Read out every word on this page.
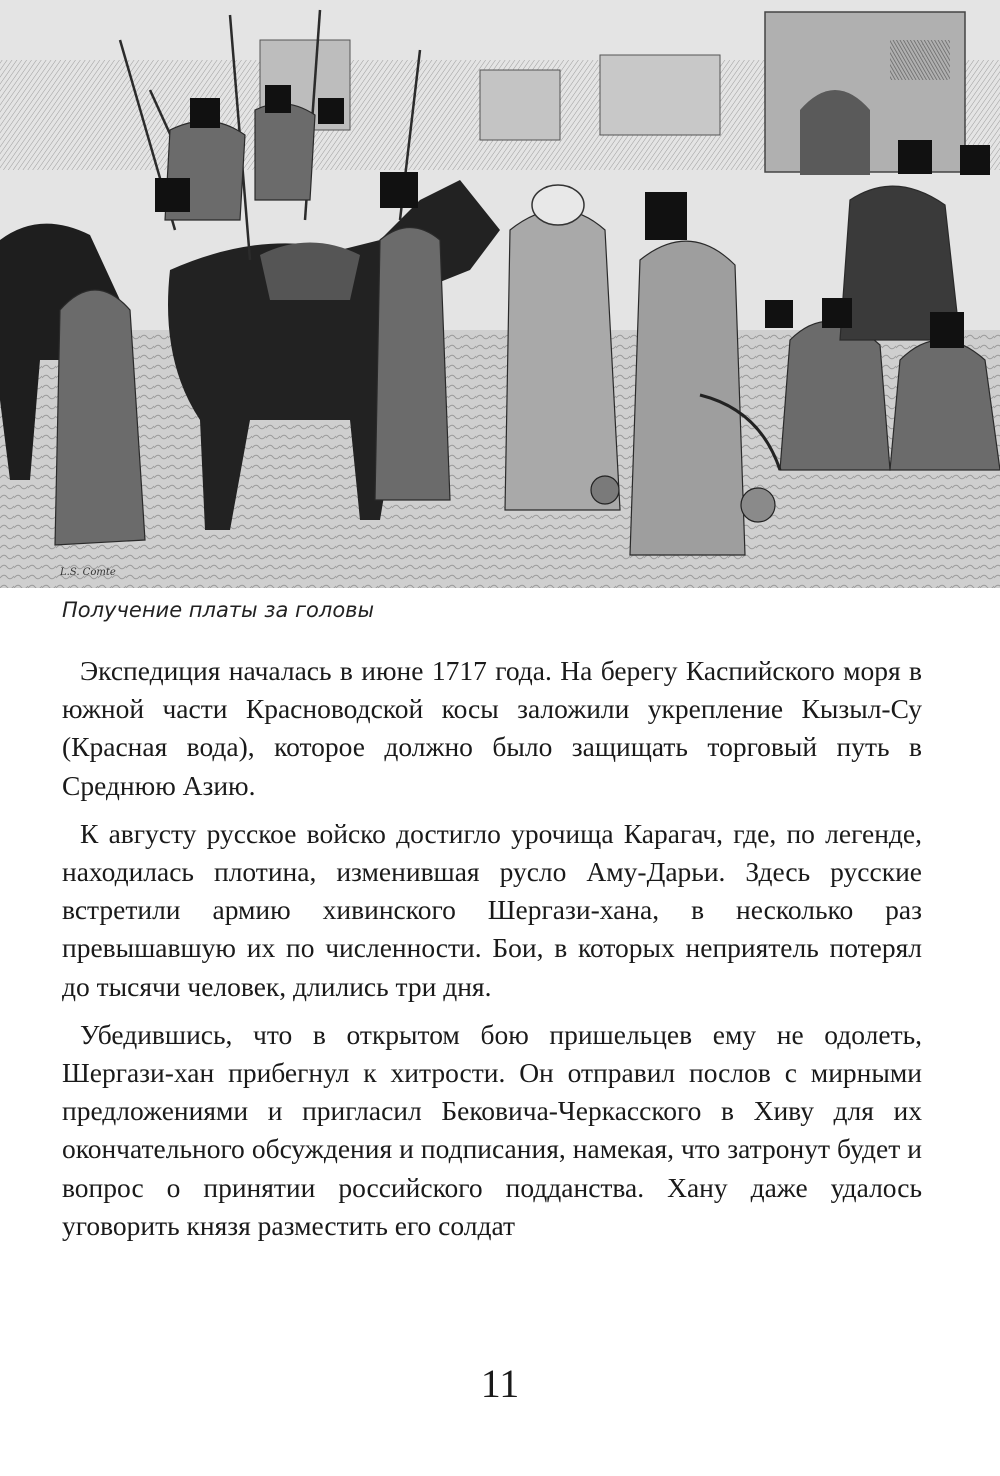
L.S. Comte
Получение платы за головы

Экспедиция началась в июне 1717 года. На берегу Каспийского моря в южной части Красноводской косы заложили укрепление Кызыл-Су (Красная вода), которое должно было защищать торговый путь в Среднюю Азию.

К августу русское войско достигло урочища Карагач, где, по легенде, находилась плотина, изменившая русло Аму-Дарьи. Здесь русские встретили армию хивинского Шергази-хана, в несколько раз превышавшую их по численности. Бои, в которых неприятель потерял до тысячи человек, длились три дня.

Убедившись, что в открытом бою пришельцев ему не одолеть, Шергази-хан прибегнул к хитрости. Он отправил послов с мирными предложениями и пригласил Бековича-Черкасского в Хиву для их окончательного обсуждения и подписания, намекая, что затронут будет и вопрос о принятии российского подданства. Хану даже удалось уговорить князя разместить его солдат

11
